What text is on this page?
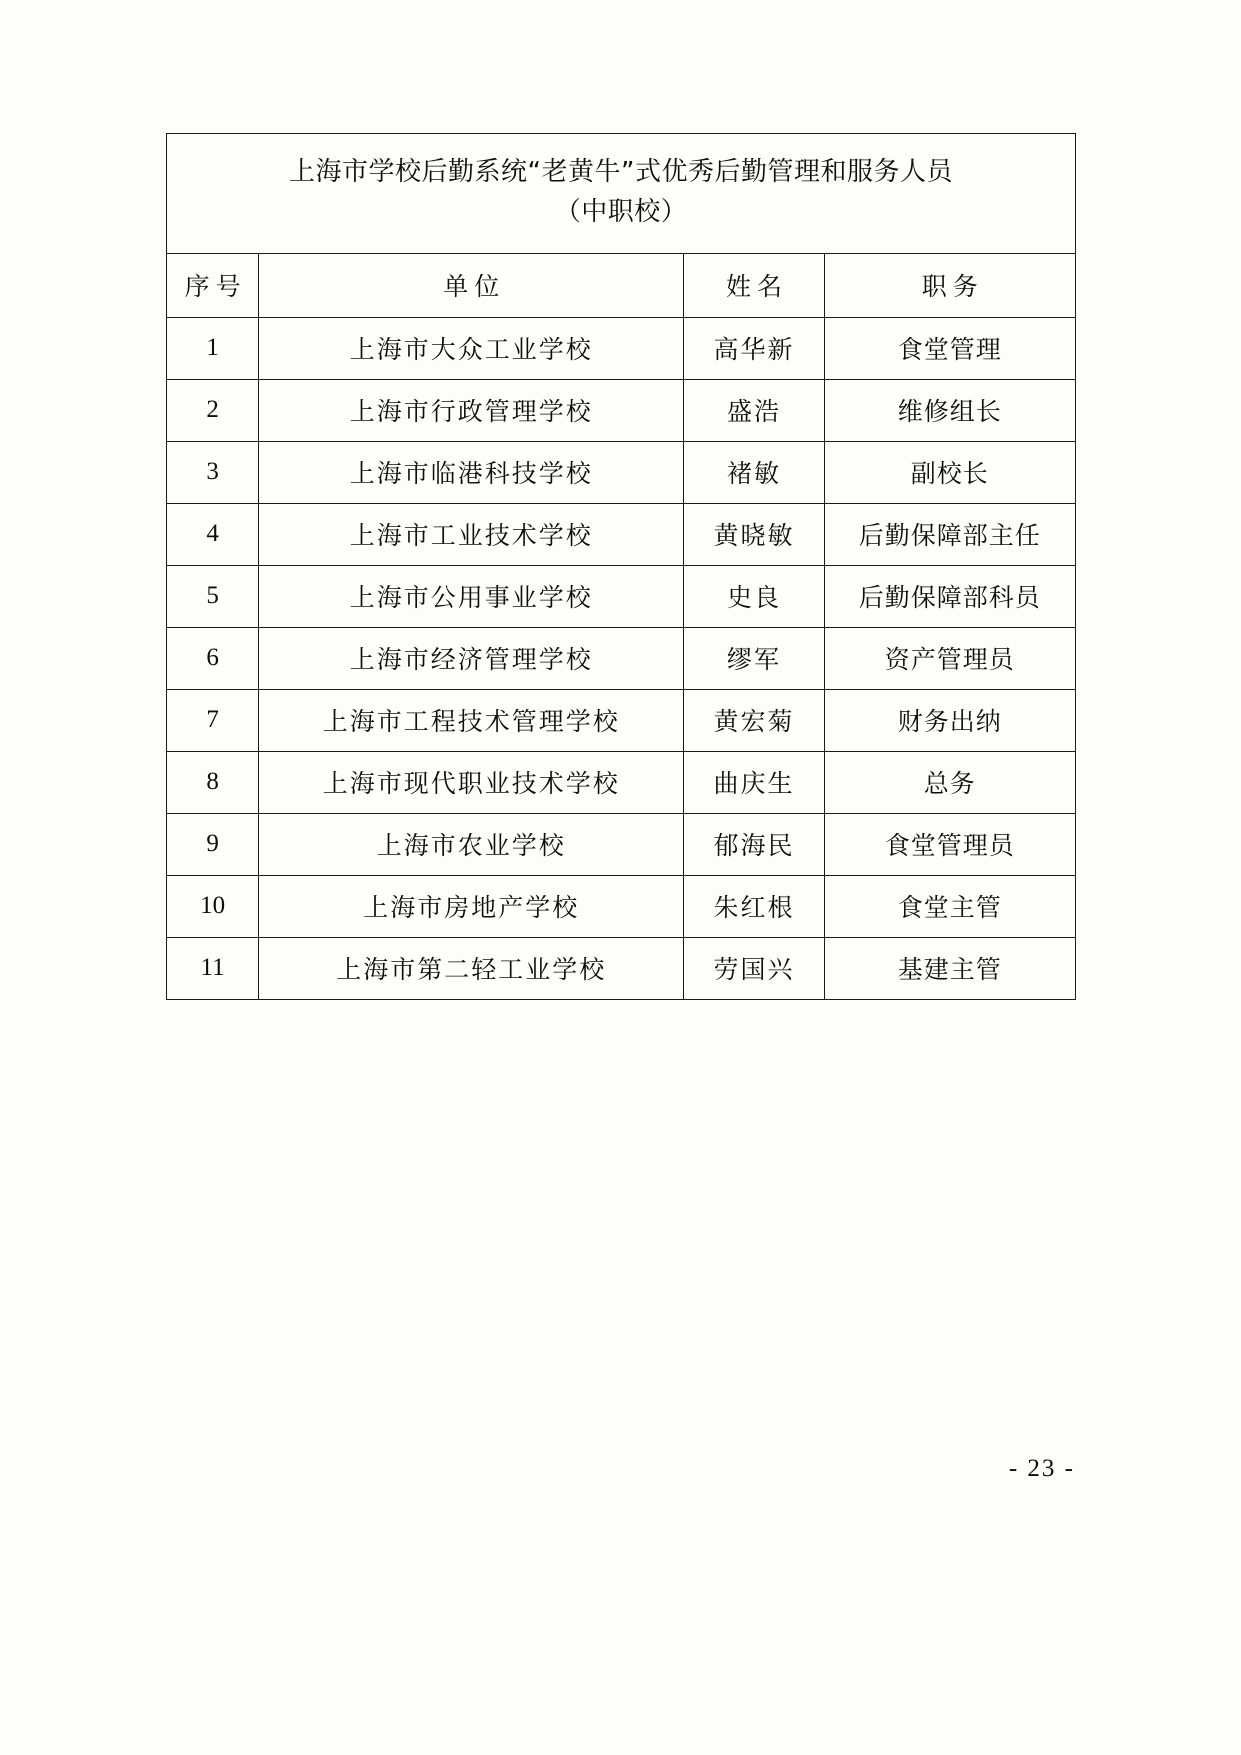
上海市学校后勤系统“老黄牛”式优秀后勤管理和服务人员
（中职校）			

序号	单位	姓名	职务
1	上海市大众工业学校	高华新	食堂管理
2	上海市行政管理学校	盛浩	维修组长
3	上海市临港科技学校	褚敏	副校长
4	上海市工业技术学校	黄晓敏	后勤保障部主任
5	上海市公用事业学校	史良	后勤保障部科员
6	上海市经济管理学校	缪军	资产管理员
7	上海市工程技术管理学校	黄宏菊	财务出纳
8	上海市现代职业技术学校	曲庆生	总务
9	上海市农业学校	郁海民	食堂管理员
10	上海市房地产学校	朱红根	食堂主管
11	上海市第二轻工业学校	劳国兴	基建主管
- 23 -
